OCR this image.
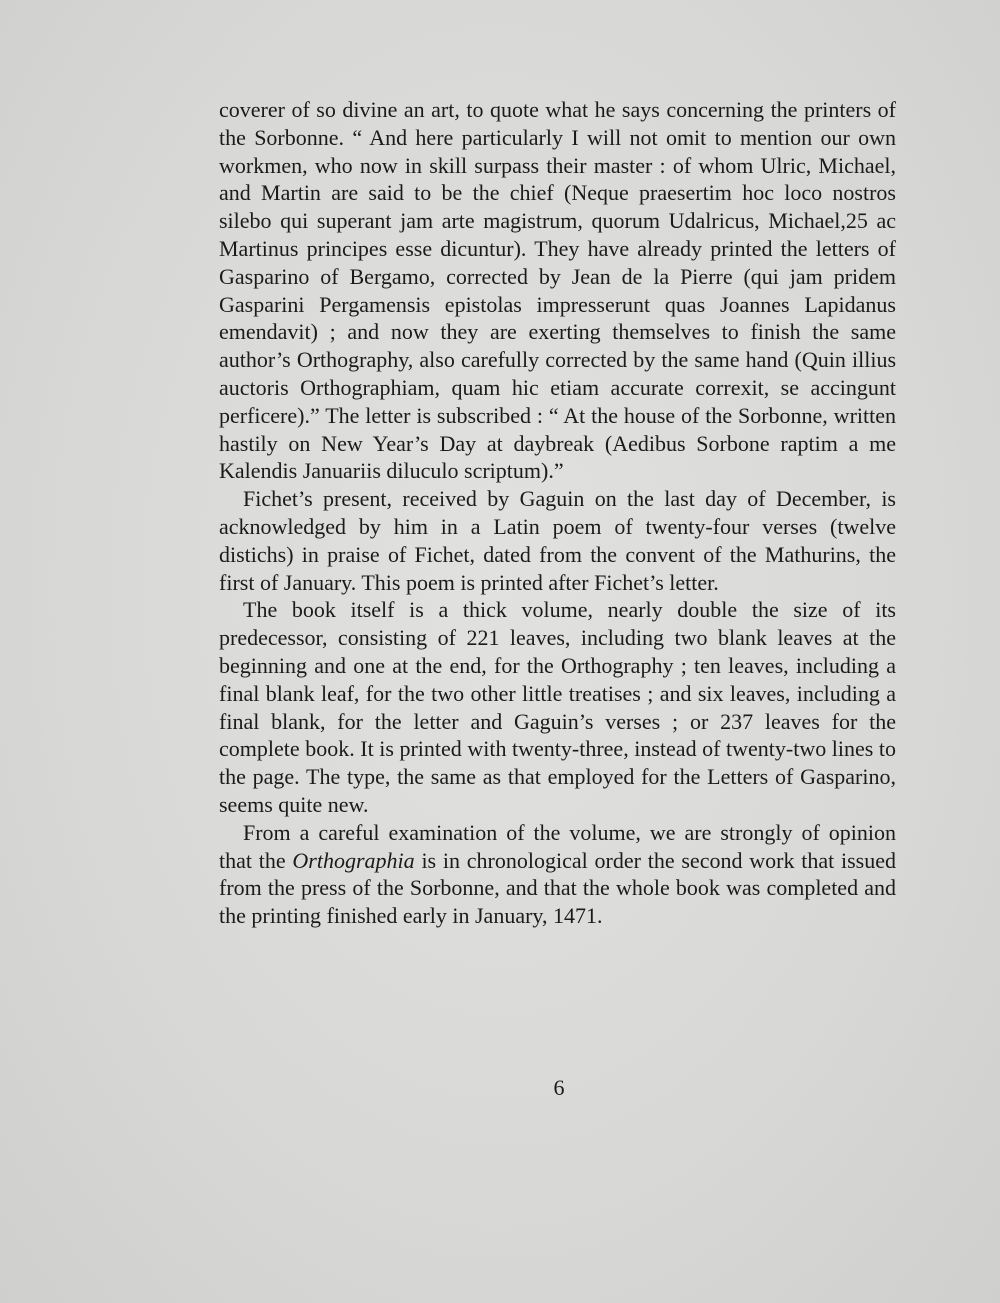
coverer of so divine an art, to quote what he says concerning the printers of the Sorbonne. “ And here particularly I will not omit to mention our own workmen, who now in skill surpass their master : of whom Ulric, Michael, and Martin are said to be the chief (Neque praesertim hoc loco nostros silebo qui superant jam arte magistrum, quorum Udalricus, Michael,25 ac Martinus principes esse dicuntur). They have already printed the letters of Gasparino of Bergamo, corrected by Jean de la Pierre (qui jam pridem Gasparini Pergamensis epistolas impresserunt quas Joannes Lapidanus emendavit) ; and now they are exerting themselves to finish the same author’s Orthography, also carefully corrected by the same hand (Quin illius auctoris Orthographiam, quam hic etiam accurate correxit, se accingunt perficere).” The letter is subscribed : “ At the house of the Sorbonne, written hastily on New Year’s Day at daybreak (Aedibus Sorbone raptim a me Kalendis Januariis diluculo scriptum).”

Fichet’s present, received by Gaguin on the last day of December, is acknowledged by him in a Latin poem of twenty-four verses (twelve distichs) in praise of Fichet, dated from the convent of the Mathurins, the first of January. This poem is printed after Fichet’s letter.

The book itself is a thick volume, nearly double the size of its predecessor, consisting of 221 leaves, including two blank leaves at the beginning and one at the end, for the Orthography ; ten leaves, including a final blank leaf, for the two other little treatises ; and six leaves, including a final blank, for the letter and Gaguin’s verses ; or 237 leaves for the complete book. It is printed with twenty-three, instead of twenty-two lines to the page. The type, the same as that employed for the Letters of Gasparino, seems quite new.

From a careful examination of the volume, we are strongly of opinion that the Orthographia is in chronological order the second work that issued from the press of the Sorbonne, and that the whole book was completed and the printing finished early in January, 1471.

6
